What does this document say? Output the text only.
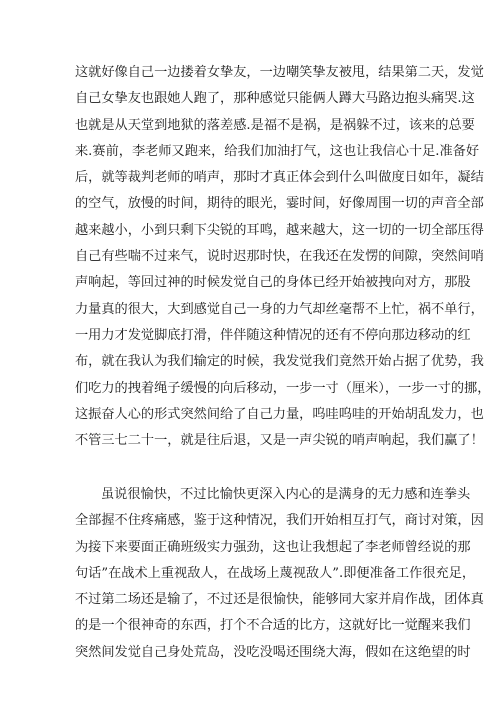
这就好像自己一边搂着女挚友，一边嘲笑挚友被甩，结果第二天，发觉
自己女挚友也跟她人跑了，那种感觉只能俩人蹲大马路边抱头痛哭.这
也就是从天堂到地狱的落差感.是福不是祸，是祸躲不过，该来的总要
来.赛前，李老师又跑来，给我们加油打气，这也让我信心十足.准备好
后，就等裁判老师的哨声，那时才真正体会到什么叫做度日如年，凝结
的空气，放慢的时间，期待的眼光，霎时间，好像周围一切的声音全部
越来越小，小到只剩下尖锐的耳鸣，越来越大，这一切的一切全部压得
自己有些喘不过来气，说时迟那时快，在我还在发愣的间隙，突然间哨
声响起，等回过神的时候发觉自己的身体已经开始被拽向对方，那股
力量真的很大，大到感觉自己一身的力气却丝毫帮不上忙，祸不单行，
一用力才发觉脚底打滑，伴伴随这种情况的还有不停向那边移动的红
布，就在我认为我们输定的时候，我发觉我们竟然开始占据了优势，我
们吃力的拽着绳子缓慢的向后移动，一步一寸（厘米），一步一寸的挪，
这振奋人心的形式突然间给了自己力量，呜哇呜哇的开始胡乱发力，也
不管三七二十一，就是往后退，又是一声尖锐的哨声响起，我们赢了！
虽说很愉快，不过比愉快更深入内心的是满身的无力感和连拳头
全部握不住疼痛感，鉴于这种情况，我们开始相互打气，商讨对策，因
为接下来要面正确班级实力强劲，这也让我想起了李老师曾经说的那
句话”在战术上重视敌人，在战场上蔑视敌人”.即便准备工作很充足，
不过第二场还是输了，不过还是很愉快，能够同大家并肩作战，团体真
的是一个很神奇的东西，打个不合适的比方，这就好比一觉醒来我们
突然间发觉自己身处荒岛，没吃没喝还围绕大海，假如在这绝望的时
